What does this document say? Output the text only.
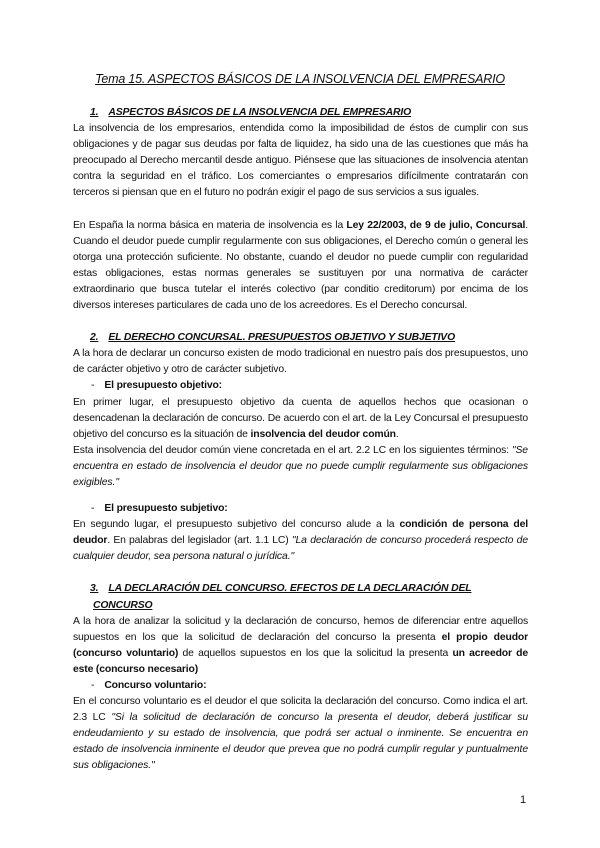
Tema 15. ASPECTOS BÁSICOS DE LA INSOLVENCIA DEL EMPRESARIO

1. ASPECTOS BÁSICOS DE LA INSOLVENCIA DEL EMPRESARIO

La insolvencia de los empresarios, entendida como la imposibilidad de éstos de cumplir con sus obligaciones y de pagar sus deudas por falta de liquidez, ha sido una de las cuestiones que más ha preocupado al Derecho mercantil desde antiguo. Piénsese que las situaciones de insolvencia atentan contra la seguridad en el tráfico. Los comerciantes o empresarios difícilmente contratarán con terceros si piensan que en el futuro no podrán exigir el pago de sus servicios a sus iguales.

En España la norma básica en materia de insolvencia es la Ley 22/2003, de 9 de julio, Concursal. Cuando el deudor puede cumplir regularmente con sus obligaciones, el Derecho común o general les otorga una protección suficiente. No obstante, cuando el deudor no puede cumplir con regularidad estas obligaciones, estas normas generales se sustituyen por una normativa de carácter extraordinario que busca tutelar el interés colectivo (par conditio creditorum) por encima de los diversos intereses particulares de cada uno de los acreedores. Es el Derecho concursal.

2. EL DERECHO CONCURSAL. PRESUPUESTOS OBJETIVO Y SUBJETIVO

A la hora de declarar un concurso existen de modo tradicional en nuestro país dos presupuestos, uno de carácter objetivo y otro de carácter subjetivo.

- El presupuesto objetivo:

En primer lugar, el presupuesto objetivo da cuenta de aquellos hechos que ocasionan o desencadenan la declaración de concurso. De acuerdo con el art. de la Ley Concursal el presupuesto objetivo del concurso es la situación de insolvencia del deudor común.

Esta insolvencia del deudor común viene concretada en el art. 2.2 LC en los siguientes términos: "Se encuentra en estado de insolvencia el deudor que no puede cumplir regularmente sus obligaciones exigibles."

- El presupuesto subjetivo:

En segundo lugar, el presupuesto subjetivo del concurso alude a la condición de persona del deudor. En palabras del legislador (art. 1.1 LC) "La declaración de concurso procederá respecto de cualquier deudor, sea persona natural o jurídica."

3. LA DECLARACIÓN DEL CONCURSO. EFECTOS DE LA DECLARACIÓN DEL CONCURSO

A la hora de analizar la solicitud y la declaración de concurso, hemos de diferenciar entre aquellos supuestos en los que la solicitud de declaración del concurso la presenta el propio deudor (concurso voluntario) de aquellos supuestos en los que la solicitud la presenta un acreedor de este (concurso necesario)

- Concurso voluntario:

En el concurso voluntario es el deudor el que solicita la declaración del concurso. Como indica el art. 2.3 LC "Si la solicitud de declaración de concurso la presenta el deudor, deberá justificar su endeudamiento y su estado de insolvencia, que podrá ser actual o inminente. Se encuentra en estado de insolvencia inminente el deudor que prevea que no podrá cumplir regular y puntualmente sus obligaciones."

1
